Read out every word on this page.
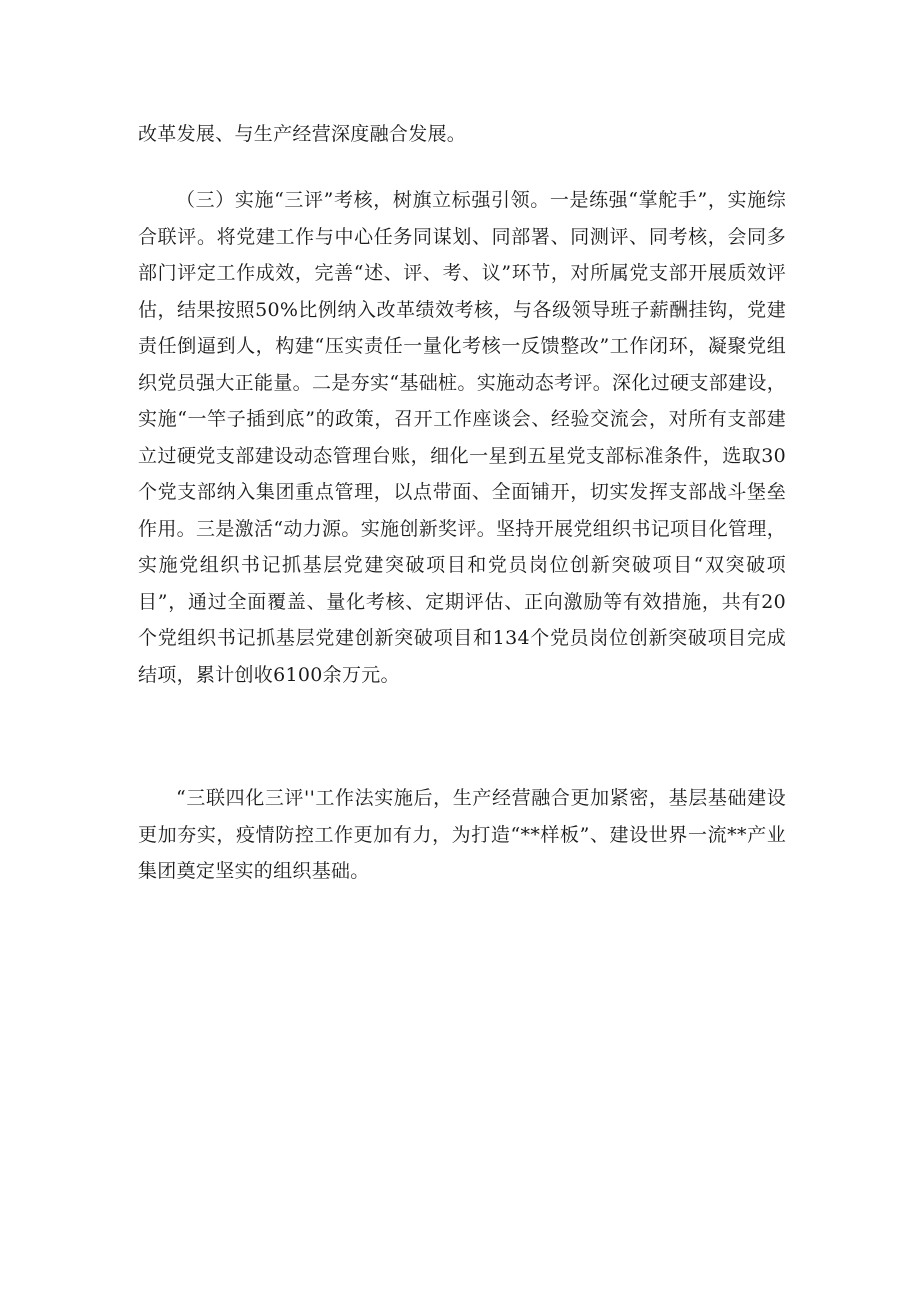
改革发展、与生产经营深度融合发展。

（三）实施“三评”考核，树旗立标强引领。一是练强“掌舵手”，实施综合联评。将党建工作与中心任务同谋划、同部署、同测评、同考核，会同多部门评定工作成效，完善“述、评、考、议”环节，对所属党支部开展质效评估，结果按照50%比例纳入改革绩效考核，与各级领导班子薪酬挂钩，党建责任倒逼到人，构建“压实责任一量化考核一反馈整改”工作闭环，凝聚党组织党员强大正能量。二是夯实“基础桩。实施动态考评。深化过硬支部建设，实施“一竿子插到底”的政策，召开工作座谈会、经验交流会，对所有支部建立过硬党支部建设动态管理台账，细化一星到五星党支部标准条件，选取30个党支部纳入集团重点管理，以点带面、全面铺开，切实发挥支部战斗堡垒作用。三是激活“动力源。实施创新奖评。坚持开展党组织书记项目化管理，实施党组织书记抓基层党建突破项目和党员岗位创新突破项目“双突破项目”，通过全面覆盖、量化考核、定期评估、正向激励等有效措施，共有20个党组织书记抓基层党建创新突破项目和134个党员岗位创新突破项目完成结项，累计创收6100余万元。

“三联四化三评''工作法实施后，生产经营融合更加紧密，基层基础建设更加夯实，疫情防控工作更加有力，为打造“**样板”、建设世界一流**产业集团奠定坚实的组织基础。
